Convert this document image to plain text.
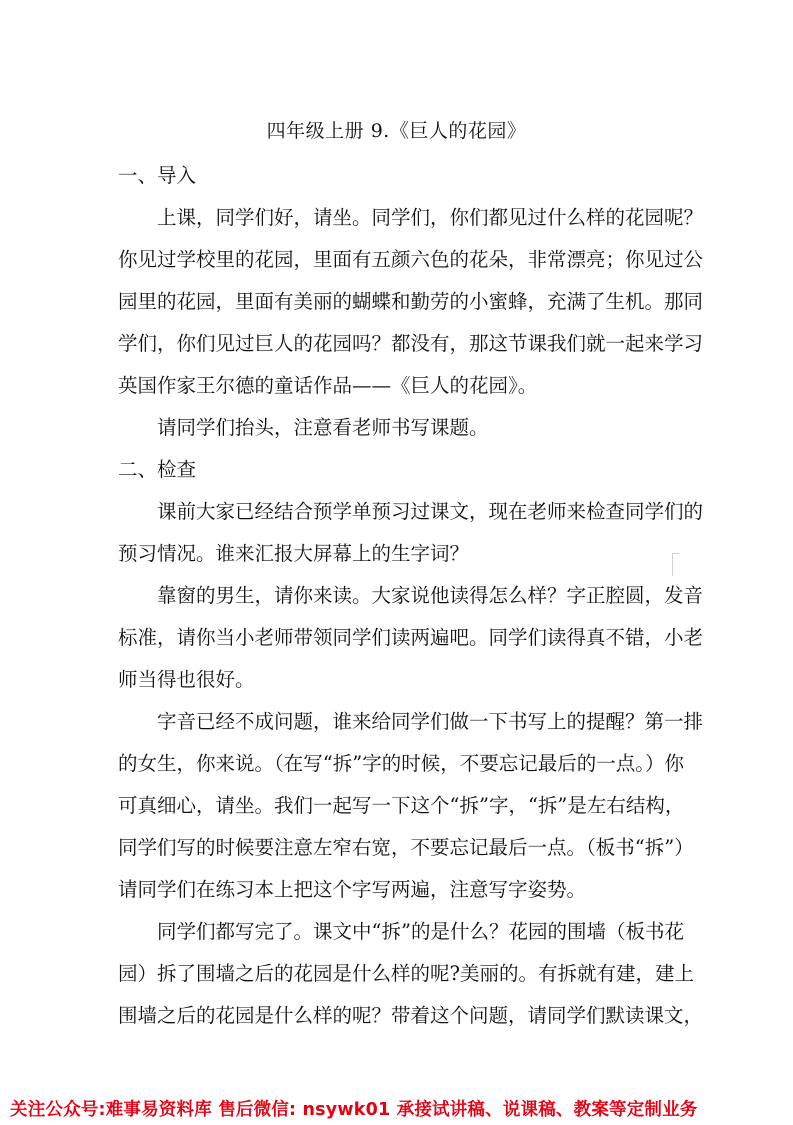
四年级上册 9.《巨人的花园》

一、导入

上课，同学们好，请坐。同学们，你们都见过什么样的花园呢？
你见过学校里的花园，里面有五颜六色的花朵，非常漂亮；你见过公
园里的花园，里面有美丽的蝴蝶和勤劳的小蜜蜂，充满了生机。那同
学们，你们见过巨人的花园吗？都没有，那这节课我们就一起来学习
英国作家王尔德的童话作品——《巨人的花园》。

请同学们抬头，注意看老师书写课题。

二、检查

课前大家已经结合预学单预习过课文，现在老师来检查同学们的
预习情况。谁来汇报大屏幕上的生字词？

靠窗的男生，请你来读。大家说他读得怎么样？字正腔圆，发音
标准，请你当小老师带领同学们读两遍吧。同学们读得真不错，小老
师当得也很好。

字音已经不成问题，谁来给同学们做一下书写上的提醒？第一排
的女生，你来说。（在写“拆”字的时候，不要忘记最后的一点。）你
可真细心，请坐。我们一起写一下这个“拆”字，“拆”是左右结构，
同学们写的时候要注意左窄右宽，不要忘记最后一点。（板书“拆”）
请同学们在练习本上把这个字写两遍，注意写字姿势。

同学们都写完了。课文中“拆”的是什么？花园的围墙（板书花
园）拆了围墙之后的花园是什么样的呢?美丽的。有拆就有建，建上
围墙之后的花园是什么样的呢？带着这个问题，请同学们默读课文，

关注公众号:难事易资料库 售后微信: nsywk01 承接试讲稿、说课稿、教案等定制业务
